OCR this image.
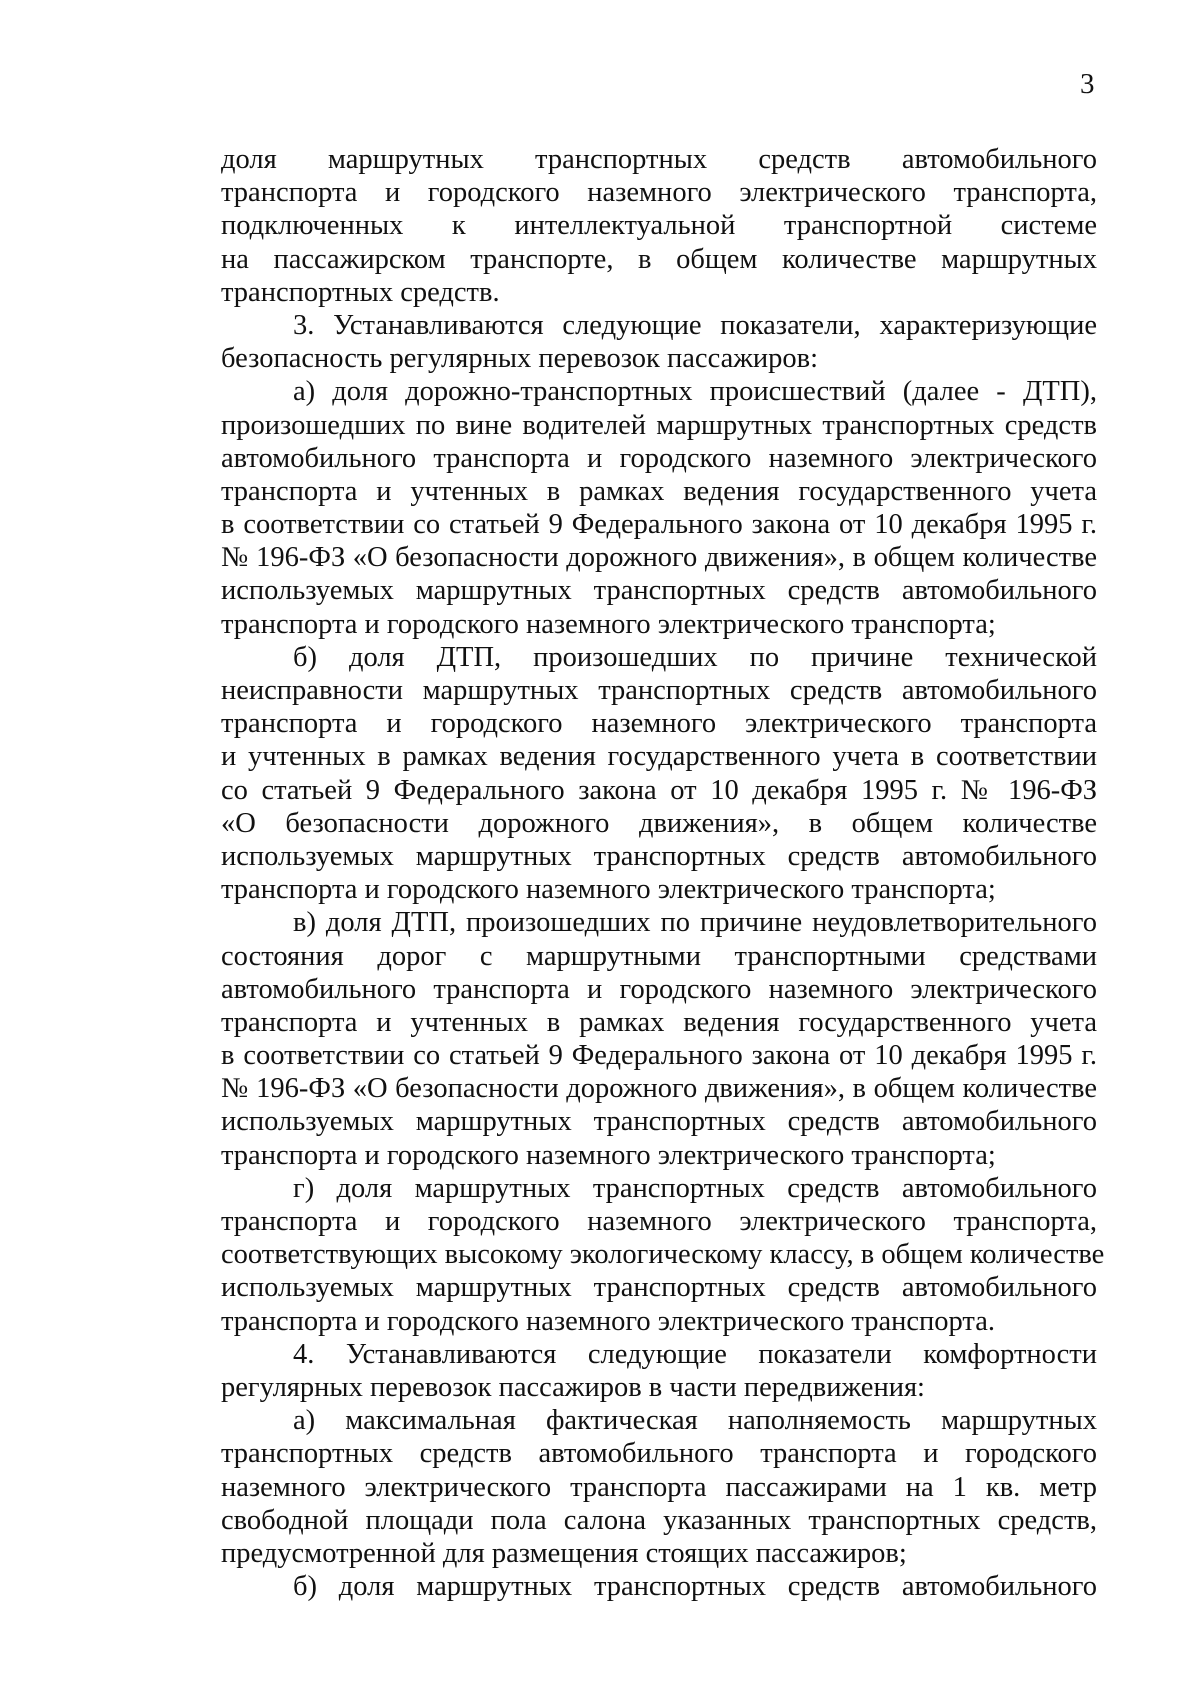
3
доля маршрутных транспортных средств автомобильного
транспорта и городского наземного электрического транспорта,
подключенных к интеллектуальной транспортной системе
на пассажирском транспорте, в общем количестве маршрутных
транспортных средств.
3. Устанавливаются следующие показатели, характеризующие
безопасность регулярных перевозок пассажиров:
а) доля дорожно-транспортных происшествий (далее - ДТП),
произошедших по вине водителей маршрутных транспортных средств
автомобильного транспорта и городского наземного электрического
транспорта и учтенных в рамках ведения государственного учета
в соответствии со статьей 9 Федерального закона от 10 декабря 1995 г.
№ 196-ФЗ «О безопасности дорожного движения», в общем количестве
используемых маршрутных транспортных средств автомобильного
транспорта и городского наземного электрического транспорта;
б) доля ДТП, произошедших по причине технической
неисправности маршрутных транспортных средств автомобильного
транспорта и городского наземного электрического транспорта
и учтенных в рамках ведения государственного учета в соответствии
со статьей 9 Федерального закона от 10 декабря 1995 г. № 196-ФЗ
«О безопасности дорожного движения», в общем количестве
используемых маршрутных транспортных средств автомобильного
транспорта и городского наземного электрического транспорта;
в) доля ДТП, произошедших по причине неудовлетворительного
состояния дорог с маршрутными транспортными средствами
автомобильного транспорта и городского наземного электрического
транспорта и учтенных в рамках ведения государственного учета
в соответствии со статьей 9 Федерального закона от 10 декабря 1995 г.
№ 196-ФЗ «О безопасности дорожного движения», в общем количестве
используемых маршрутных транспортных средств автомобильного
транспорта и городского наземного электрического транспорта;
г) доля маршрутных транспортных средств автомобильного
транспорта и городского наземного электрического транспорта,
соответствующих высокому экологическому классу, в общем количестве
используемых маршрутных транспортных средств автомобильного
транспорта и городского наземного электрического транспорта.
4. Устанавливаются следующие показатели комфортности
регулярных перевозок пассажиров в части передвижения:
а) максимальная фактическая наполняемость маршрутных
транспортных средств автомобильного транспорта и городского
наземного электрического транспорта пассажирами на 1 кв. метр
свободной площади пола салона указанных транспортных средств,
предусмотренной для размещения стоящих пассажиров;
б) доля маршрутных транспортных средств автомобильного
